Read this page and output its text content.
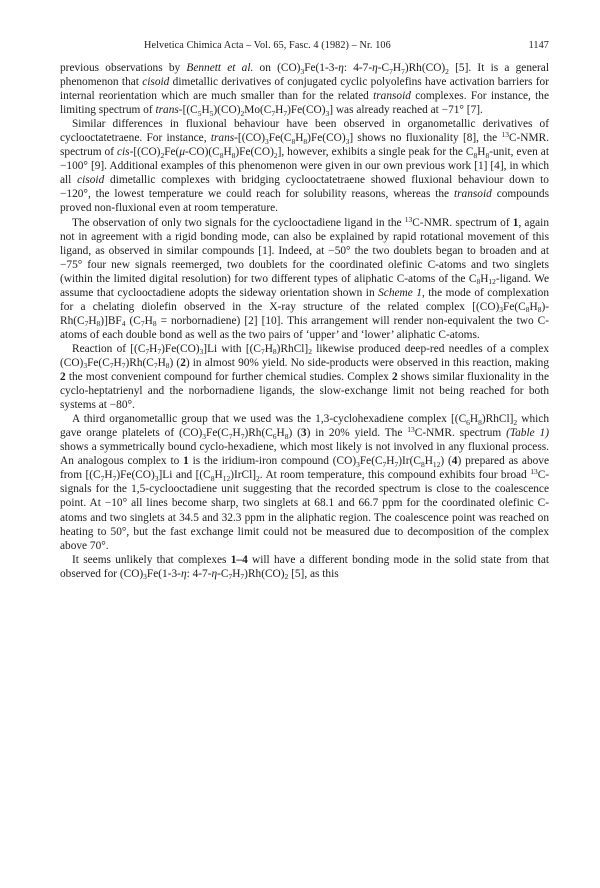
Helvetica Chimica Acta – Vol. 65, Fasc. 4 (1982) – Nr. 106	1147

previous observations by Bennett et al. on $(CO)_3Fe(1-3-\eta$: $4-7-\eta-C_7H_7)Rh(CO)_2$ [5]. It is a general phenomenon that cisoid dimetallic derivatives of conjugated cyclic polyolefins have activation barriers for internal reorientation which are much smaller than for the related transoid complexes. For instance, the limiting spectrum of trans-$[(C_5H_5)(CO)_2Mo(C_7H_7)Fe(CO)_3]$ was already reached at −71° [7].

Similar differences in fluxional behaviour have been observed in organometallic derivatives of cyclooctatetraene. For instance, trans-$[(CO)_3Fe(C_8H_8)Fe(CO)_3]$ shows no fluxionality [8], the $^{13}$C-NMR. spectrum of cis-$[(CO)_2Fe(\mu-CO)(C_8H_8)Fe(CO)_2]$, however, exhibits a single peak for the $C_8H_8$-unit, even at −100° [9]. Additional examples of this phenomenon were given in our own previous work [1] [4], in which all cisoid dimetallic complexes with bridging cyclooctatetraene showed fluxional behaviour down to −120°, the lowest temperature we could reach for solubility reasons, whereas the transoid compounds proved non-fluxional even at room temperature.

The observation of only two signals for the cyclooctadiene ligand in the $^{13}$C-NMR. spectrum of 1, again not in agreement with a rigid bonding mode, can also be explained by rapid rotational movement of this ligand, as observed in similar compounds [1]. Indeed, at −50° the two doublets began to broaden and at −75° four new signals reemerged, two doublets for the coordinated olefinic C-atoms and two singlets (within the limited digital resolution) for two different types of aliphatic C-atoms of the $C_8H_{12}$-ligand. We assume that cyclooctadiene adopts the sideway orientation shown in Scheme 1, the mode of complexation for a chelating diolefin observed in the X-ray structure of the related complex $[(CO)_3Fe(C_8H_8)-Rh(C_7H_8)]BF_4$ ($C_7H_8$ = norbornadiene) [2] [10]. This arrangement will render non-equivalent the two C-atoms of each double bond as well as the two pairs of ‘upper’ and ‘lower’ aliphatic C-atoms.

Reaction of $[(C_7H_7)Fe(CO)_3]Li$ with $[(C_7H_8)RhCl]_2$ likewise produced deep-red needles of a complex $(CO)_3Fe(C_7H_7)Rh(C_7H_8)$ (2) in almost 90% yield. No side-products were observed in this reaction, making 2 the most convenient compound for further chemical studies. Complex 2 shows similar fluxionality in the cyclo-heptatrienyl and the norbornadiene ligands, the slow-exchange limit not being reached for both systems at −80°.

A third organometallic group that we used was the 1,3-cyclohexadiene complex $[(C_6H_8)RhCl]_2$ which gave orange platelets of $(CO)_3Fe(C_7H_7)Rh(C_6H_8)$ (3) in 20% yield. The $^{13}$C-NMR. spectrum (Table 1) shows a symmetrically bound cyclo-hexadiene, which most likely is not involved in any fluxional process. An analogous complex to 1 is the iridium-iron compound $(CO)_3Fe(C_7H_7)Ir(C_8H_{12})$ (4) prepared as above from $[(C_7H_7)Fe(CO)_3]Li$ and $[(C_8H_{12})IrCl]_2$. At room temperature, this compound exhibits four broad $^{13}$C-signals for the 1,5-cyclooctadiene unit suggesting that the recorded spectrum is close to the coalescence point. At −10° all lines become sharp, two singlets at 68.1 and 66.7 ppm for the coordinated olefinic C-atoms and two singlets at 34.5 and 32.3 ppm in the aliphatic region. The coalescence point was reached on heating to 50°, but the fast exchange limit could not be measured due to decomposition of the complex above 70°.

It seems unlikely that complexes 1–4 will have a different bonding mode in the solid state from that observed for $(CO)_3Fe(1-3-\eta$: $4-7-\eta-C_7H_7)Rh(CO)_2$ [5], as this
